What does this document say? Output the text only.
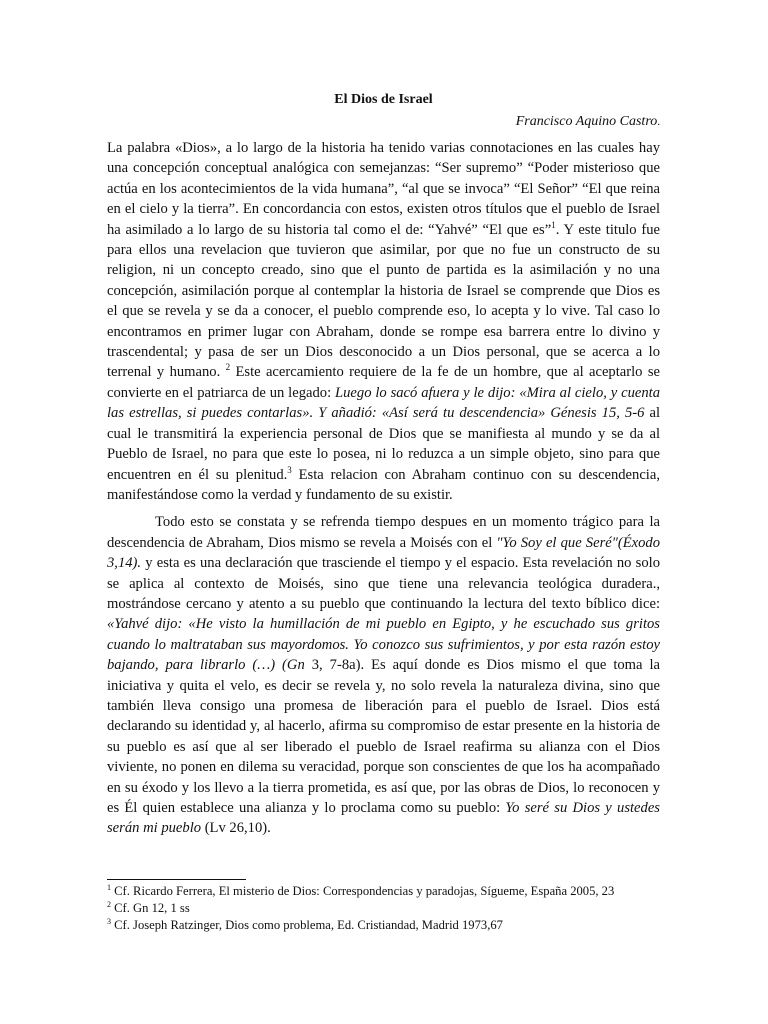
El Dios de Israel
Francisco Aquino Castro.

La palabra «Dios», a lo largo de la historia ha tenido varias connotaciones en las cuales hay una concepción conceptual analógica con semejanzas: “Ser supremo” “Poder misterioso que actúa en los acontecimientos de la vida humana”, “al que se invoca” “El Señor” “El que reina en el cielo y la tierra”. En concordancia con estos, existen otros títulos que el pueblo de Israel ha asimilado a lo largo de su historia tal como el de: “Yahvé” “El que es”$^1$. Y este titulo fue para ellos una revelacion que tuvieron que asimilar, por que no fue un constructo de su religion, ni un concepto creado, sino que el punto de partida es la asimilación y no una concepción, asimilación porque al contemplar la historia de Israel se comprende que Dios es el que se revela y se da a conocer, el pueblo comprende eso, lo acepta y lo vive. Tal caso lo encontramos en primer lugar con Abraham, donde se rompe esa barrera entre lo divino y trascendental; y pasa de ser un Dios desconocido a un Dios personal, que se acerca a lo terrenal y humano. $^2$ Este acercamiento requiere de la fe de un hombre, que al aceptarlo se convierte en el patriarca de un legado: Luego lo sacó afuera y le dijo: «Mira al cielo, y cuenta las estrellas, si puedes contarlas». Y añadió: «Así será tu descendencia» Génesis 15, 5-6 al cual le transmitirá la experiencia personal de Dios que se manifiesta al mundo y se da al Pueblo de Israel, no para que este lo posea, ni lo reduzca a un simple objeto, sino para que encuentren en él su plenitud.$^3$ Esta relacion con Abraham continuo con su descendencia, manifestándose como la verdad y fundamento de su existir.

Todo esto se constata y se refrenda tiempo despues en un momento trágico para la descendencia de Abraham, Dios mismo se revela a Moisés con el "Yo Soy el que Seré"(Éxodo 3,14). y esta es una declaración que trasciende el tiempo y el espacio. Esta revelación no solo se aplica al contexto de Moisés, sino que tiene una relevancia teológica duradera., mostrándose cercano y atento a su pueblo que continuando la lectura del texto bíblico dice: «Yahvé dijo: «He visto la humillación de mi pueblo en Egipto, y he escuchado sus gritos cuando lo maltrataban sus mayordomos. Yo conozco sus sufrimientos, y por esta razón estoy bajando, para librarlo (…) (Gn 3, 7-8a). Es aquí donde es Dios mismo el que toma la iniciativa y quita el velo, es decir se revela y, no solo revela la naturaleza divina, sino que también lleva consigo una promesa de liberación para el pueblo de Israel. Dios está declarando su identidad y, al hacerlo, afirma su compromiso de estar presente en la historia de su pueblo es así que al ser liberado el pueblo de Israel reafirma su alianza con el Dios viviente, no ponen en dilema su veracidad, porque son conscientes de que los ha acompañado en su éxodo y los llevo a la tierra prometida, es así que, por las obras de Dios, lo reconocen y es Él quien establece una alianza y lo proclama como su pueblo: Yo seré su Dios y ustedes serán mi pueblo (Lv 26,10).

$^1$ Cf. Ricardo Ferrera, El misterio de Dios: Correspondencias y paradojas, Sígueme, España 2005, 23
$^2$ Cf. Gn 12, 1 ss
$^3$ Cf. Joseph Ratzinger, Dios como problema, Ed. Cristiandad, Madrid 1973,67
